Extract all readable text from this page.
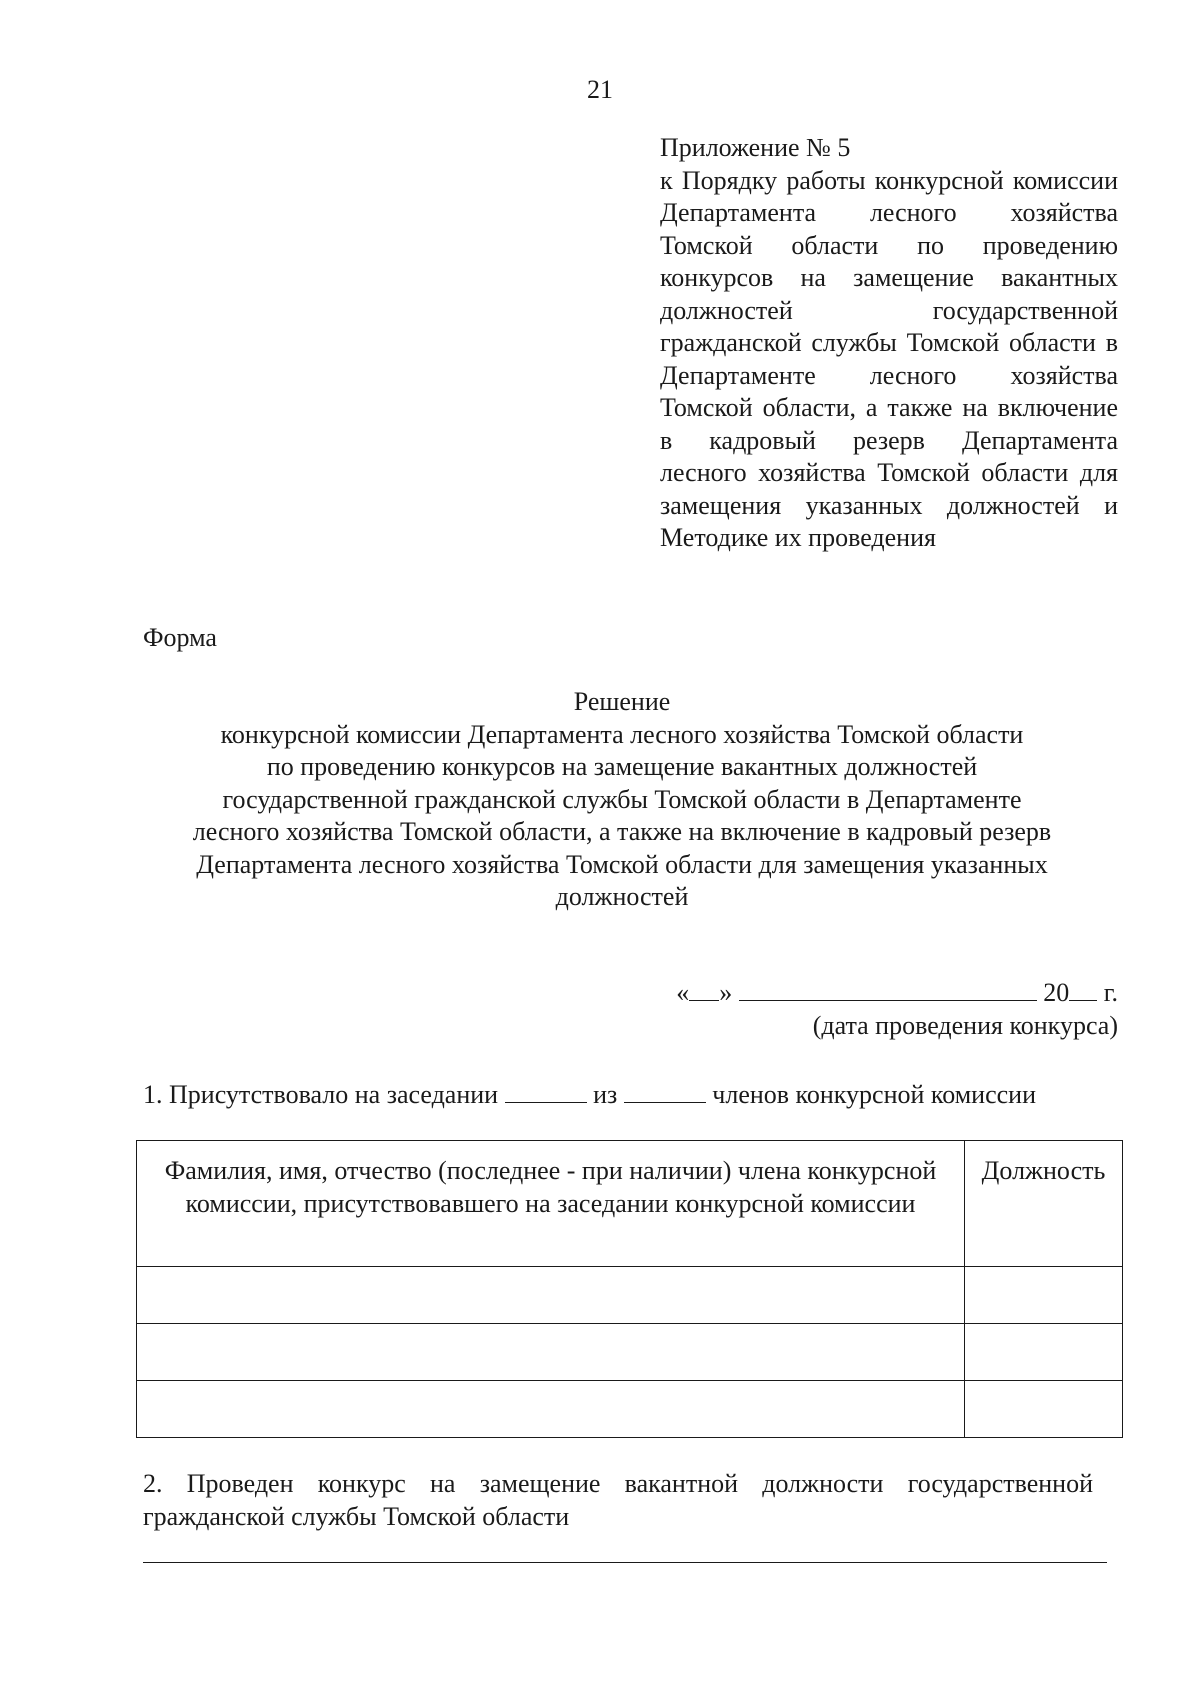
21
Приложение № 5
к Порядку работы конкурсной комиссии Департамента лесного хозяйства Томской области по проведению конкурсов на замещение вакантных должностей государственной гражданской службы Томской области в Департаменте лесного хозяйства Томской области, а также на включение в кадровый резерв Департамента лесного хозяйства Томской области для замещения указанных должностей и Методике их проведения
Форма
Решение
конкурсной комиссии Департамента лесного хозяйства Томской области
по проведению конкурсов на замещение вакантных должностей
государственной гражданской службы Томской области в Департаменте
лесного хозяйства Томской области, а также на включение в кадровый резерв
Департамента лесного хозяйства Томской области для замещения указанных
должностей
« »	20 г.
(дата проведения конкурса)
1. Присутствовало на заседании	из	членов конкурсной комиссии
Фамилия, имя, отчество (последнее - при наличии) члена конкурсной комиссии, присутствовавшего на заседании конкурсной комиссии	Должность

2. Проведен конкурс на замещение вакантной должности государственной гражданской службы Томской области
